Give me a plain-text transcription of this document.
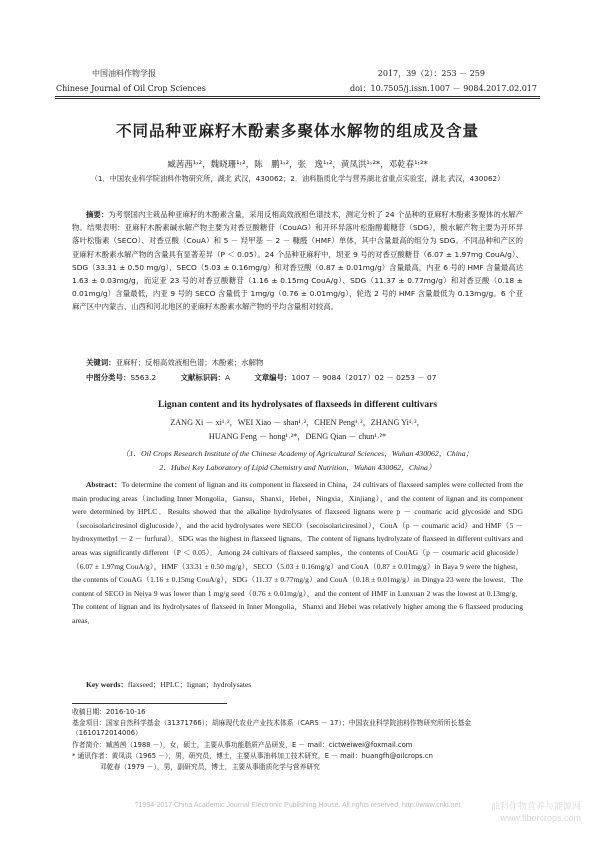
中国油料作物学报
Chinese Journal of Oil Crop Sciences
2017，39（2）：253 － 259
doi：10.7505/j.issn.1007 － 9084.2017.02.017
不同品种亚麻籽木酚素多聚体水解物的组成及含量
臧茜茜¹˒²，魏晓珊¹˒²，陈　鹏¹˒²，张　逸¹˒²，黄凤洪¹˒²*，邓乾春¹˒²*
（1．中国农业科学院油料作物研究所，湖北 武汉，430062；2．油料脂质化学与营养湖北省重点实验室，湖北 武汉，430062）
摘要：为考察国内主栽品种亚麻籽的木酚素含量，采用反相高效液相色谱技术，测定分析了 24 个品种的亚麻籽木酚素多聚体的水解产物。结果表明：亚麻籽木酚素碱水解产物主要为对香豆酸糖苷（CouAG）和开环异落叶松脂醇葡糖苷（SDG），酸水解产物主要为开环异落叶松脂素（SECO）、对香豆酸（CouA）和 5 － 羟甲基 － 2 － 糠醛（HMF）单体，其中含量最高的组分为 SDG。不同品种和产区的亚麻籽木酚素水解产物的含量具有显著差异（P ＜ 0.05）。24 个品种亚麻籽中，坝亚 9 号的对香豆酸糖苷（6.07 ± 1.97mg CouA/g）、SDG（33.31 ± 0.50 mg/g）、SECO（5.03 ± 0.16mg/g）和对香豆酸（0.87 ± 0.01mg/g）含量最高，内亚 6 号的 HMF 含量最高达 1.63 ± 0.03mg/g，而定亚 23 号的对香豆酸糖苷（1.16 ± 0.15mg CouA/g）、SDG（11.37 ± 0.77mg/g）和对香豆酸（0.18 ± 0.01mg/g）含量最低，内亚 9 号的 SECO 含量低于 1mg/g（0.76 ± 0.01mg/g），轮选 2 号的 HMF 含量最低为 0.13mg/g。6 个亚麻产区中内蒙古、山西和河北地区的亚麻籽木酚素水解产物的平均含量相对较高。
关键词：亚麻籽；反相高效液相色谱；木酚素；水解物
中图分类号：S563.2	文献标识码：A	文章编号：1007 － 9084（2017）02 － 0253 － 07
Lignan content and its hydrolysates of flaxseeds in different cultivars
ZANG Xi － xi¹˒²，WEI Xiao － shan¹˒²，CHEN Peng¹˒²，ZHANG Yi¹˒²，
HUANG Feng － hong¹˒²*，DENG Qian － chun¹˒²*
（1．Oil Crops Research Institute of the Chinese Academy of Agricultural Sciences，Wuhan 430062，China；
2．Hubei Key Laboratory of Lipid Chemistry and Nutrition，Wuhan 430062，China）
Abstract：To determine the content of lignan and its component in flaxseed in China，24 cultivars of flaxseed samples were collected from the main producing areas（including Inner Mongolia，Gansu，Shanxi，Hebei，Ningxia，Xinjiang），and the content of lignan and its component were determined by HPLC．Results showed that the alkaline hydrolysates of flaxseed lignans were p － coumaric acid glycoside and SDG（secoisolariciresinol diglucoside），and the acid hydrolysates were SECO（secoisolariciresinol），CouA（p － coumaric acid）and HMF（5 － hydroxymethyl － 2 － furfural）．SDG was the highest in flaxseed lignans．The content of lignans hydrolyzate of flaxseed in different cultivars and areas was significantly different（P ＜ 0.05）．Among 24 cultivars of flaxseed samples，the contents of CouAG（p － coumaric acid glucoside）（6.07 ± 1.97mg CouA/g），HMF（33.31 ± 0.50 mg/g），SECO（5.03 ± 0.16mg/g）and CouA（0.87 ± 0.01mg/g）in Baya 9 were the highest，the contents of CouAG（1.16 ± 0.15mg CouA/g），SDG（11.37 ± 0.77mg/g）and CouA（0.18 ± 0.01mg/g）in Dingya 23 were the lowest．The content of SECO in Neiya 9 was lower than 1 mg/g seed（0.76 ± 0.01mg/g），and the content of HMF in Lunxuan 2 was the lowest at 0.13mg/g．The content of lignan and its hydrolysates of flaxseed in Inner Mongolia，Shanxi and Hebei was relatively higher among the 6 flaxseed producing areas．
Key words：flaxseed；HPLC；lignan；hydrolysates
收稿日期：2016-10-16
基金项目：国家自然科学基金（31371766）；胡麻现代农业产业技术体系（CARS － 17）；中国农业科学院油料作物研究所所长基金（1610172014006）
作者简介：臧茜茜（1988 －），女，硕士，主要从事功能脂质产品研发，E － mail：cictweiwei@foxmail.com
* 通讯作者：黄凤洪（1965 －），男，研究员，博士，主要从事油料加工技术研究，E － mail：huangfh@oilcrops.cn
邓乾春（1979 －），男，副研究员，博士，主要从事脂质化学与营养研究
?1994-2017 China Academic Journal Electronic Publishing House. All rights reserved. http://www.cnki.net	油料作物营养与能源网
www.fibercrops.com
